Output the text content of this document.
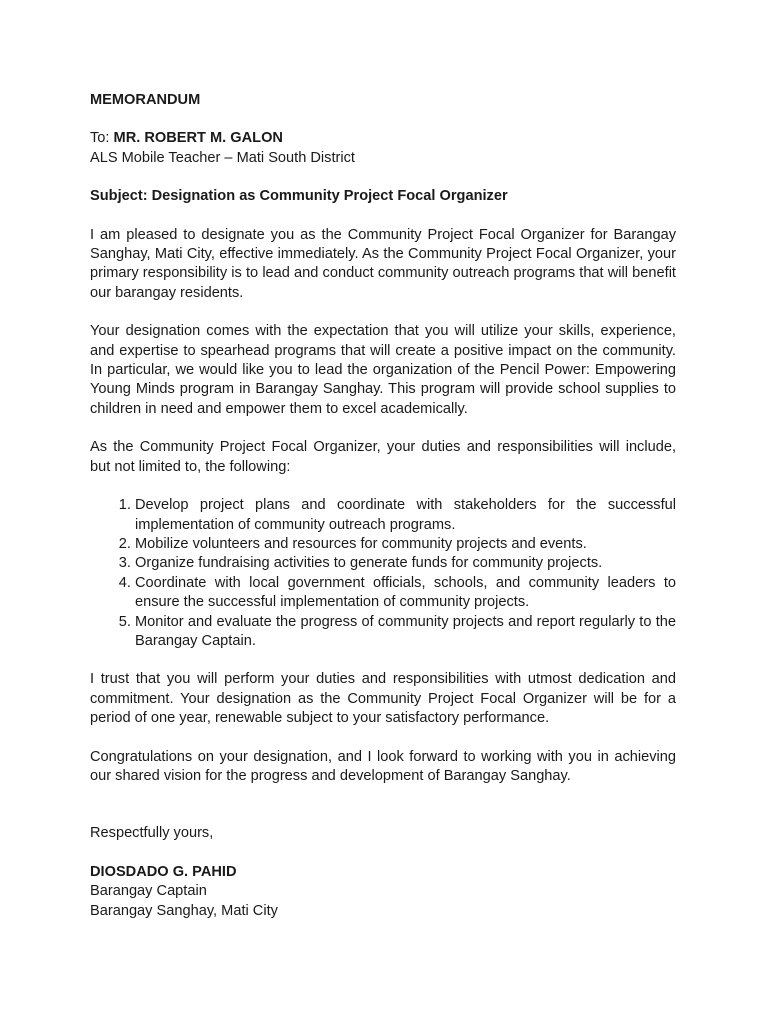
MEMORANDUM
To: MR. ROBERT M. GALON
ALS Mobile Teacher – Mati South District
Subject: Designation as Community Project Focal Organizer

I am pleased to designate you as the Community Project Focal Organizer for Barangay Sanghay, Mati City, effective immediately. As the Community Project Focal Organizer, your primary responsibility is to lead and conduct community outreach programs that will benefit our barangay residents.

Your designation comes with the expectation that you will utilize your skills, experience, and expertise to spearhead programs that will create a positive impact on the community. In particular, we would like you to lead the organization of the Pencil Power: Empowering Young Minds program in Barangay Sanghay. This program will provide school supplies to children in need and empower them to excel academically.

As the Community Project Focal Organizer, your duties and responsibilities will include, but not limited to, the following:

1. Develop project plans and coordinate with stakeholders for the successful implementation of community outreach programs.
2. Mobilize volunteers and resources for community projects and events.
3. Organize fundraising activities to generate funds for community projects.
4. Coordinate with local government officials, schools, and community leaders to ensure the successful implementation of community projects.
5. Monitor and evaluate the progress of community projects and report regularly to the Barangay Captain.

I trust that you will perform your duties and responsibilities with utmost dedication and commitment. Your designation as the Community Project Focal Organizer will be for a period of one year, renewable subject to your satisfactory performance.

Congratulations on your designation, and I look forward to working with you in achieving our shared vision for the progress and development of Barangay Sanghay.

Respectfully yours,
DIOSDADO G. PAHID
Barangay Captain
Barangay Sanghay, Mati City
